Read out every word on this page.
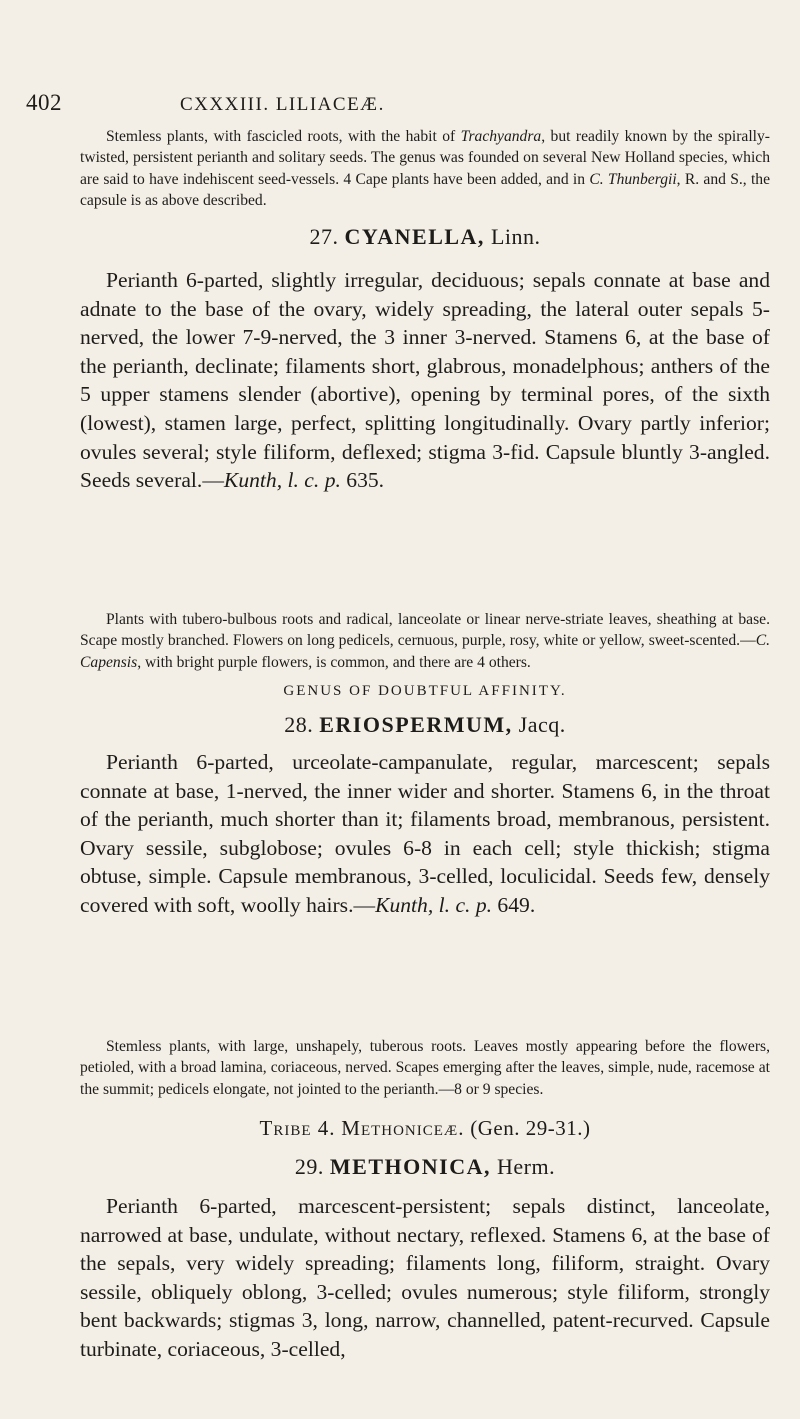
402	CXXXIII. LILIACEÆ.

Stemless plants, with fascicled roots, with the habit of Trachyandra, but readily known by the spirally-twisted, persistent perianth and solitary seeds. The genus was founded on several New Holland species, which are said to have indehiscent seed-vessels. 4 Cape plants have been added, and in C. Thunbergii, R. and S., the capsule is as above described.

27. CYANELLA, Linn.

Perianth 6-parted, slightly irregular, deciduous; sepals connate at base and adnate to the base of the ovary, widely spreading, the lateral outer sepals 5-nerved, the lower 7-9-nerved, the 3 inner 3-nerved. Stamens 6, at the base of the perianth, declinate; filaments short, glabrous, monadelphous; anthers of the 5 upper stamens slender (abortive), opening by terminal pores, of the sixth (lowest), stamen large, perfect, splitting longitudinally. Ovary partly inferior; ovules several; style filiform, deflexed; stigma 3-fid. Capsule bluntly 3-angled. Seeds several.—Kunth, l. c. p. 635.

Plants with tubero-bulbous roots and radical, lanceolate or linear nerve-striate leaves, sheathing at base. Scape mostly branched. Flowers on long pedicels, cernuous, purple, rosy, white or yellow, sweet-scented.—C. Capensis, with bright purple flowers, is common, and there are 4 others.

GENUS OF DOUBTFUL AFFINITY.
28. ERIOSPERMUM, Jacq.

Perianth 6-parted, urceolate-campanulate, regular, marcescent; sepals connate at base, 1-nerved, the inner wider and shorter. Stamens 6, in the throat of the perianth, much shorter than it; filaments broad, membranous, persistent. Ovary sessile, subglobose; ovules 6-8 in each cell; style thickish; stigma obtuse, simple. Capsule membranous, 3-celled, loculicidal. Seeds few, densely covered with soft, woolly hairs.—Kunth, l. c. p. 649.

Stemless plants, with large, unshapely, tuberous roots. Leaves mostly appearing before the flowers, petioled, with a broad lamina, coriaceous, nerved. Scapes emerging after the leaves, simple, nude, racemose at the summit; pedicels elongate, not jointed to the perianth.—8 or 9 species.

Tribe 4. Methoniceæ. (Gen. 29-31.)
29. METHONICA, Herm.

Perianth 6-parted, marcescent-persistent; sepals distinct, lanceolate, narrowed at base, undulate, without nectary, reflexed. Stamens 6, at the base of the sepals, very widely spreading; filaments long, filiform, straight. Ovary sessile, obliquely oblong, 3-celled; ovules numerous; style filiform, strongly bent backwards; stigmas 3, long, narrow, channelled, patent-recurved. Capsule turbinate, coriaceous, 3-celled,
